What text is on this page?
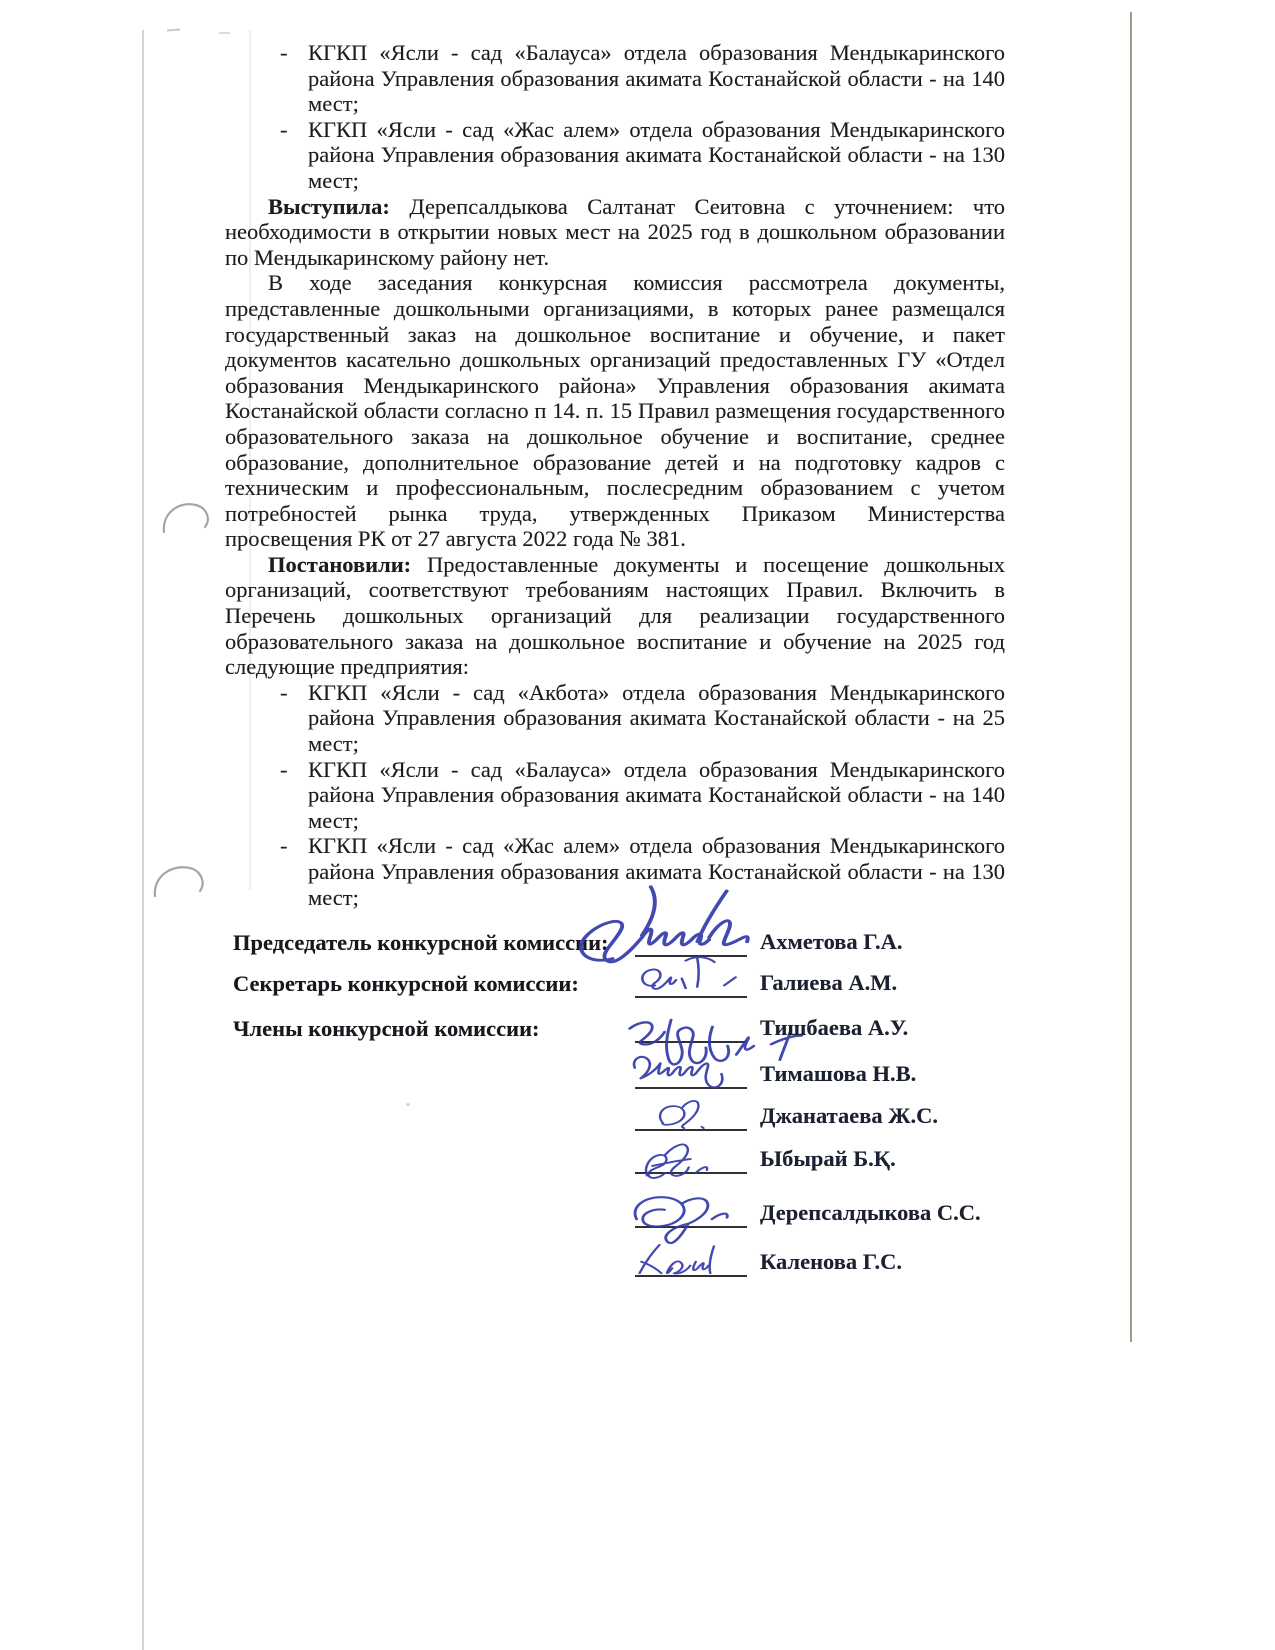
- КГКП «Ясли - сад «Балауса» отдела образования Мендыкаринского района Управления образования акимата Костанайской области - на 140 мест;
- КГКП «Ясли - сад «Жас алем» отдела образования Мендыкаринского района Управления образования акимата Костанайской области - на 130 мест;

Выступила: Дерепсалдыкова Салтанат Сеитовна с уточнением: что необходимости в открытии новых мест на 2025 год в дошкольном образовании по Мендыкаринскому району нет.

В ходе заседания конкурсная комиссия рассмотрела документы, представленные дошкольными организациями, в которых ранее размещался государственный заказ на дошкольное воспитание и обучение, и пакет документов касательно дошкольных организаций предоставленных ГУ «Отдел образования Мендыкаринского района» Управления образования акимата Костанайской области согласно п 14. п. 15 Правил размещения государственного образовательного заказа на дошкольное обучение и воспитание, среднее образование, дополнительное образование детей и на подготовку кадров с техническим и профессиональным, послесредним образованием с учетом потребностей рынка труда, утвержденных Приказом Министерства просвещения РК от 27 августа 2022 года № 381.

Постановили: Предоставленные документы и посещение дошкольных организаций, соответствуют требованиям настоящих Правил. Включить в Перечень дошкольных организаций для реализации государственного образовательного заказа на дошкольное воспитание и обучение на 2025 год следующие предприятия:

- КГКП «Ясли - сад «Акбота» отдела образования Мендыкаринского района Управления образования акимата Костанайской области - на 25 мест;
- КГКП «Ясли - сад «Балауса» отдела образования Мендыкаринского района Управления образования акимата Костанайской области - на 140 мест;
- КГКП «Ясли - сад «Жас алем» отдела образования Мендыкаринского района Управления образования акимата Костанайской области - на 130 мест;
Председатель конкурсной комиссии:	Ахметова Г.А.
Секретарь конкурсной комиссии:	Галиева А.М.
Члены конкурсной комиссии:	Тишбаева А.У.
Тимашова Н.В.
Джанатаева Ж.С.
Ыбырай Б.Қ.
Дерепсалдыкова С.С.
Каленова Г.С.
